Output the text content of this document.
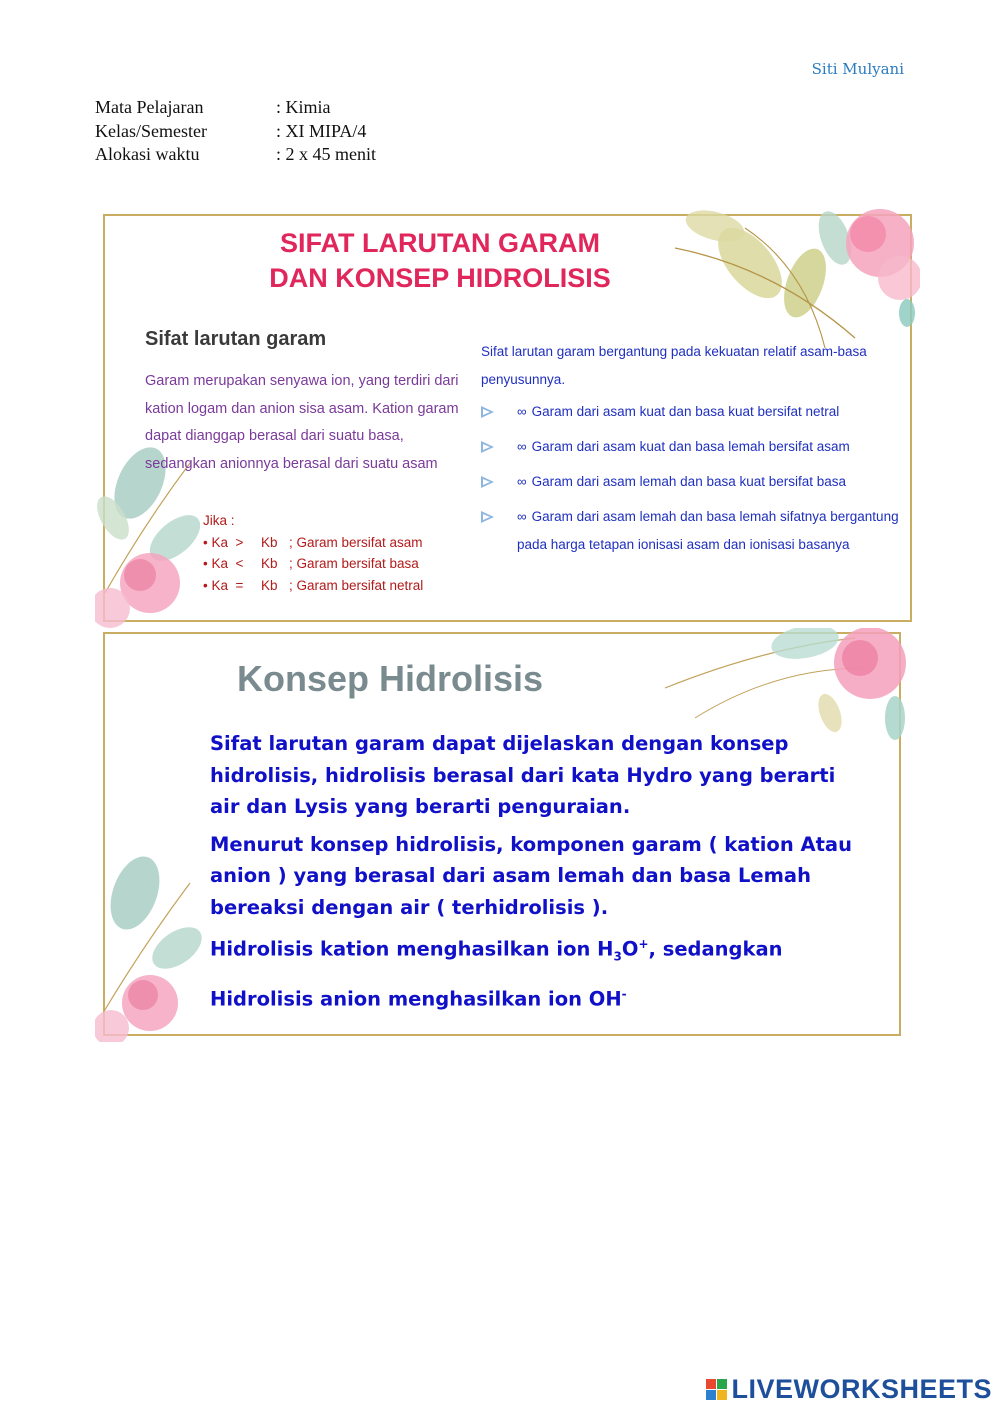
Siti Mulyani
Mata Pelajaran	: Kimia
Kelas/Semester	: XI MIPA/4
Alokasi waktu	: 2 x 45 menit
SIFAT LARUTAN GARAM
DAN KONSEP HIDROLISIS
Sifat larutan garam
Garam merupakan senyawa ion, yang terdiri dari kation logam dan anion sisa asam. Kation garam dapat dianggap berasal dari suatu basa, sedangkan anionnya berasal dari suatu asam
Jika :
• Ka >	Kb ; Garam bersifat asam
• Ka <	Kb ; Garam bersifat basa
• Ka =	Kb ; Garam bersifat netral
Sifat larutan garam bergantung pada kekuatan relatif asam-basa penyusunnya.
∞ Garam dari asam kuat dan basa kuat bersifat netral
∞ Garam dari asam kuat dan basa lemah bersifat asam
∞ Garam dari asam lemah dan basa kuat bersifat basa
∞ Garam dari asam lemah dan basa lemah sifatnya bergantung pada harga tetapan ionisasi asam dan ionisasi basanya
Konsep Hidrolisis

Sifat larutan garam dapat dijelaskan dengan konsep hidrolisis, hidrolisis berasal dari kata Hydro yang berarti air dan Lysis yang berarti penguraian.

Menurut konsep hidrolisis, komponen garam ( kation Atau anion ) yang berasal dari asam lemah dan basa Lemah bereaksi dengan air ( terhidrolisis ).

Hidrolisis kation menghasilkan ion $H_3O^+$, sedangkan

Hidrolisis anion menghasilkan ion OH-

LIVEWORKSHEETS
